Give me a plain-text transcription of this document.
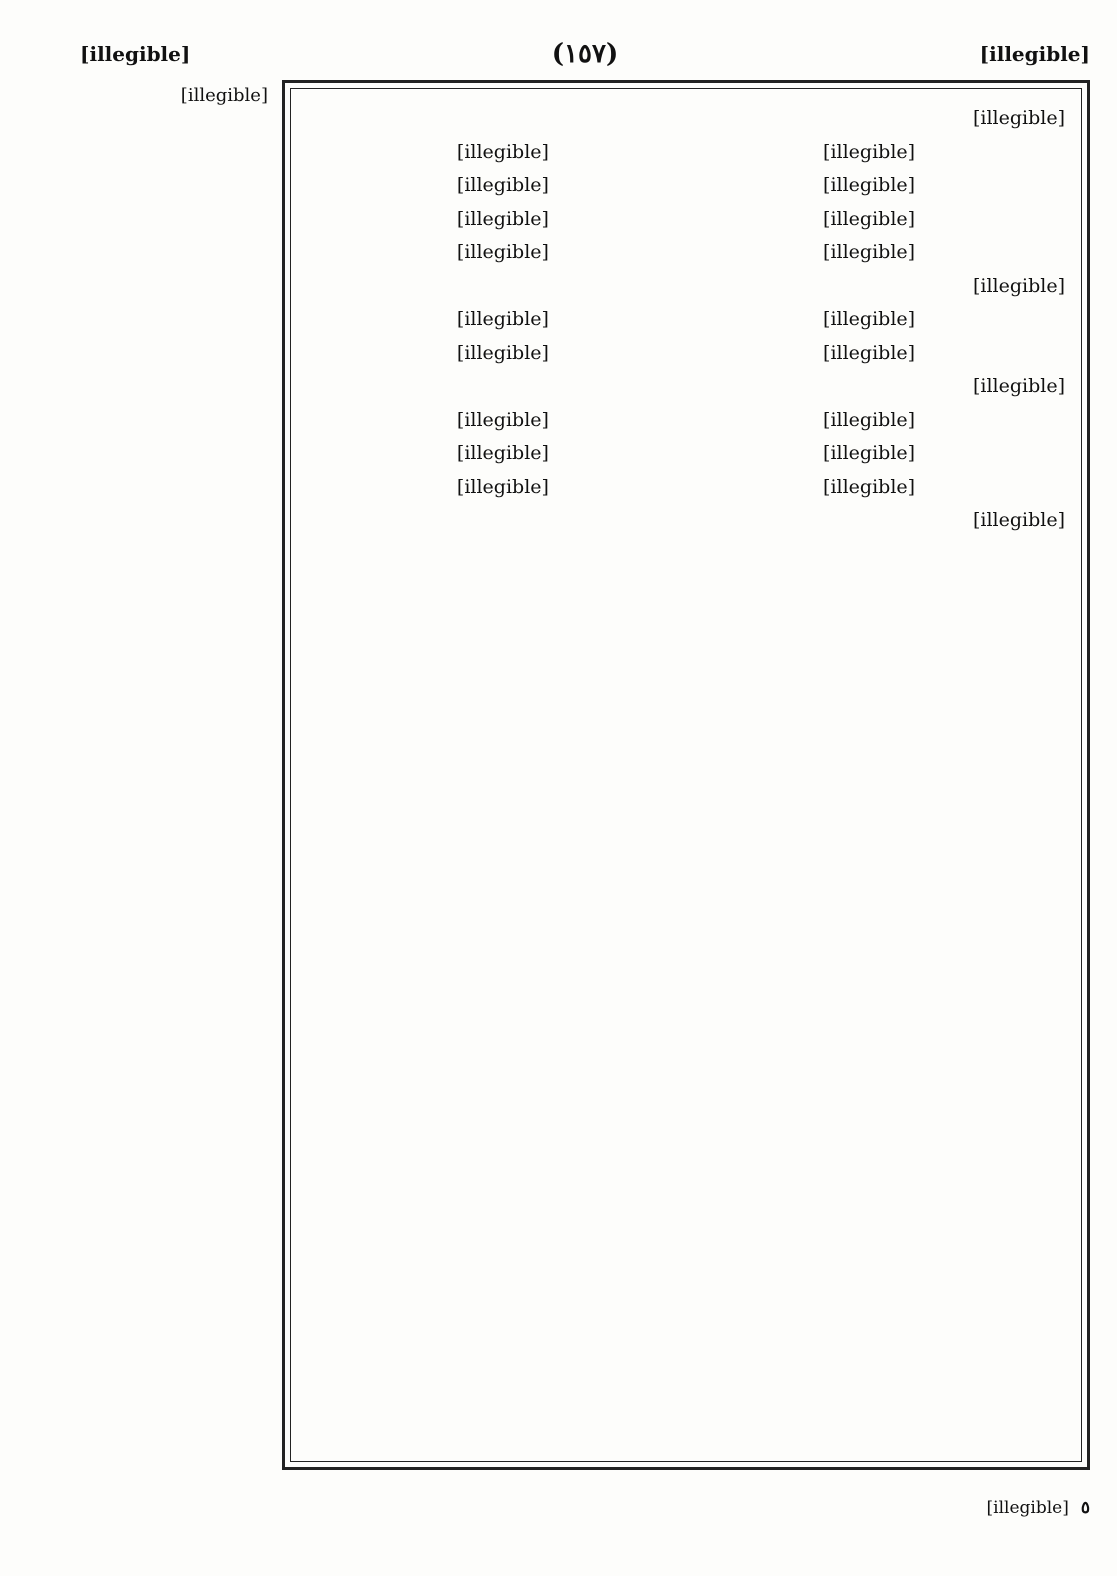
[illegible]
(١٥٧)
[illegible]

[illegible]

[illegible]
[illegible]
[illegible]
[illegible]
[illegible]
[illegible]
[illegible]
[illegible]

[illegible]

[illegible]
[illegible]
[illegible]
[illegible]

[illegible]

[illegible]
[illegible]
[illegible]
[illegible]
[illegible]
[illegible]

[illegible]

[illegible]

٥
[illegible]
